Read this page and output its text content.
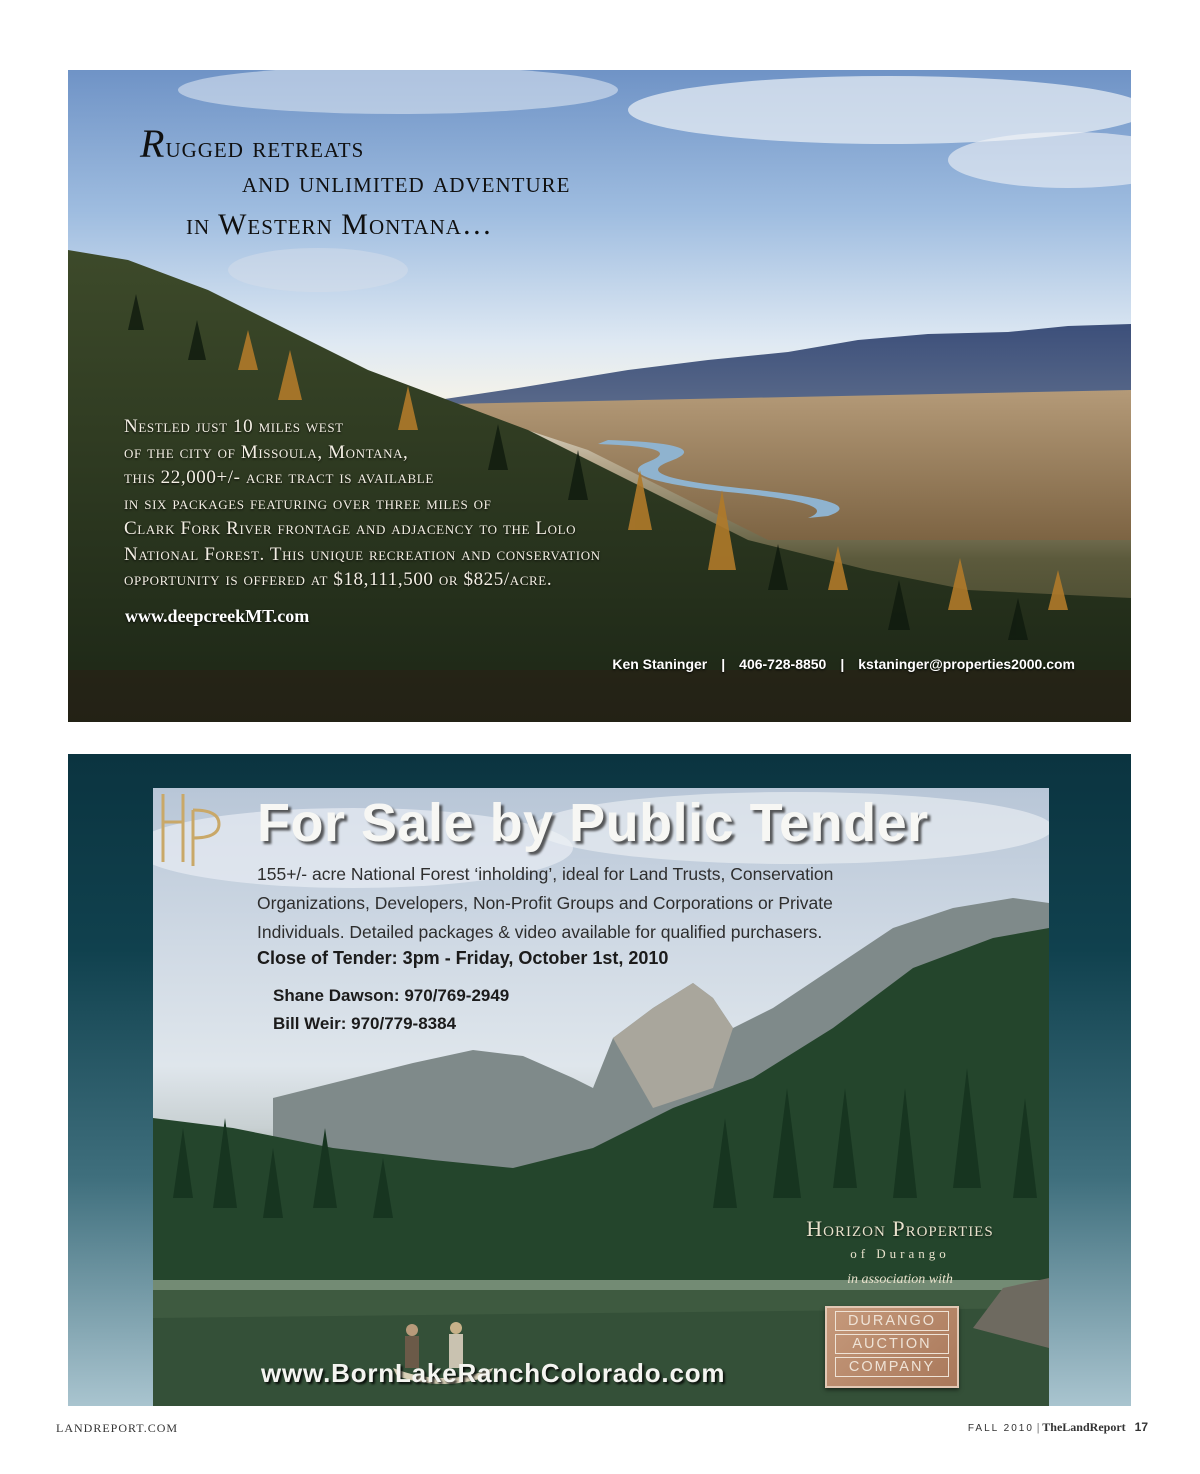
Rugged retreats
and unlimited adventure
in Western Montana…
Nestled just 10 miles west
of the city of Missoula, Montana,
this 22,000+/- acre tract is available
in six packages featuring over three miles of
Clark Fork River frontage and adjacency to the Lolo
National Forest. This unique recreation and conservation
opportunity is offered at $18,111,500 or $825/acre.
www.deepcreekMT.com
Ken Staninger | 406-728-8850 | kstaninger@properties2000.com
For Sale by Public Tender
155+/- acre National Forest ‘inholding’, ideal for Land Trusts, Conservation
Organizations, Developers, Non-Profit Groups and Corporations or Private
Individuals. Detailed packages & video available for qualified purchasers.
Close of Tender: 3pm - Friday, October 1st, 2010
Shane Dawson: 970/769-2949
Bill Weir: 970/779-8384
Horizon Properties
of Durango
in association with
DURANGO
AUCTION
COMPANY
www.BornLakeRanchColorado.com
LANDREPORT.COM	FALL 2010 | TheLandReport 17
